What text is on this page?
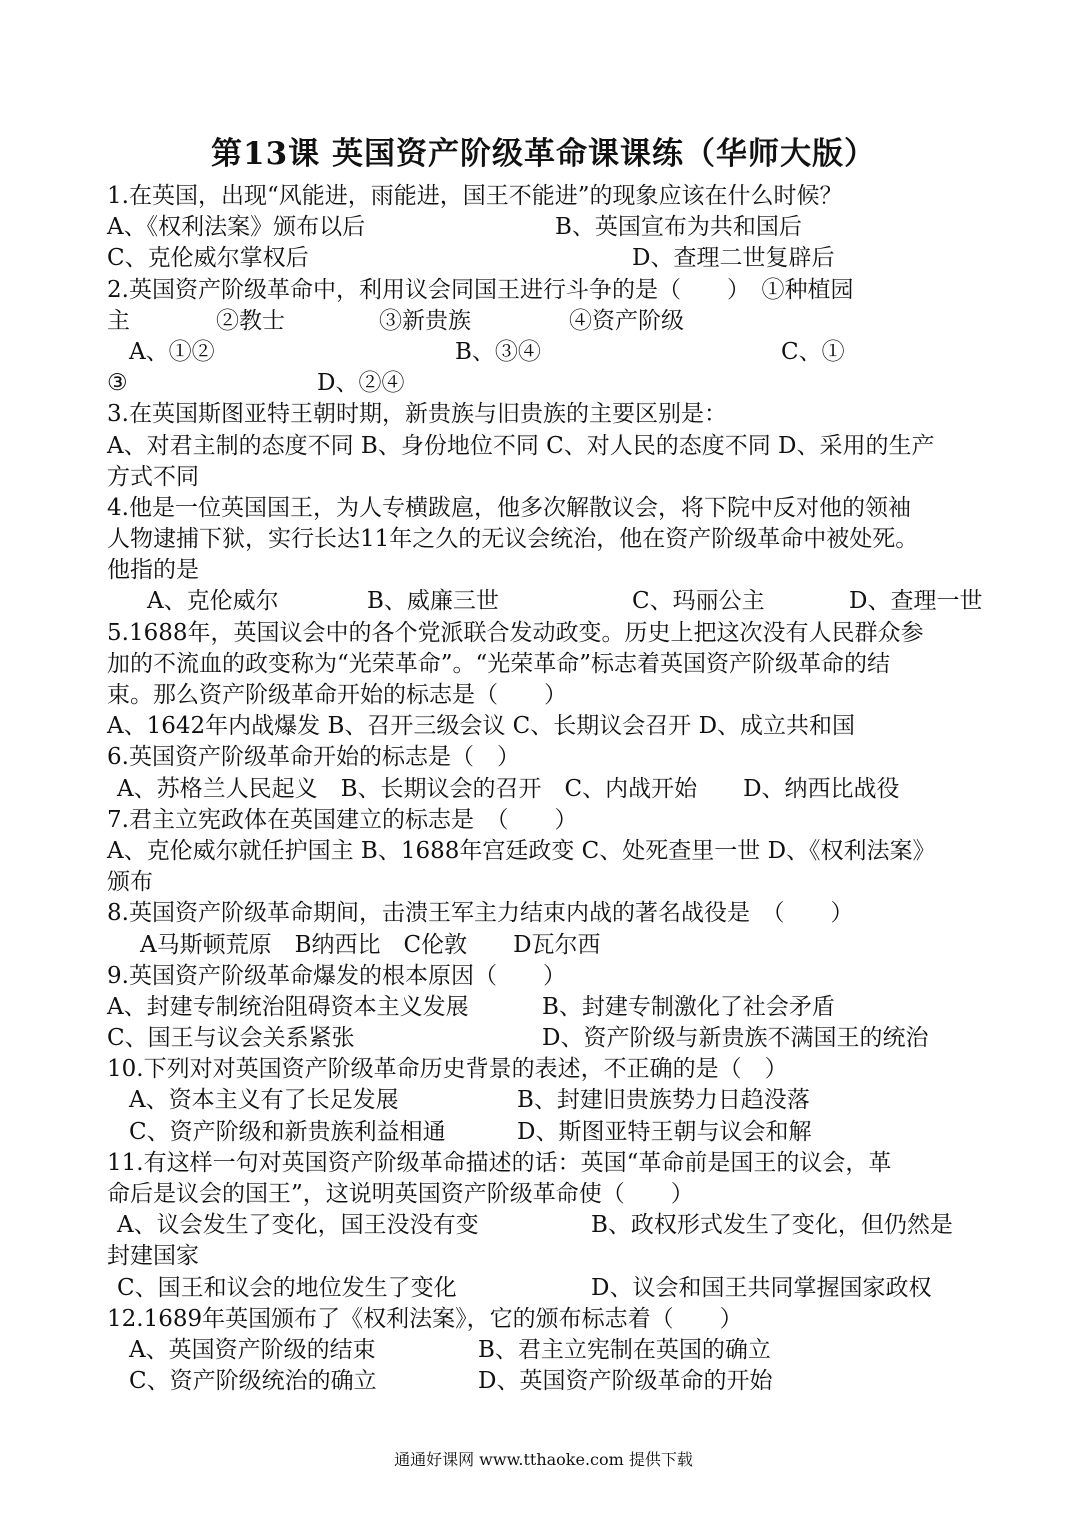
第13课 英国资产阶级革命课课练（华师大版）
1.在英国，出现“风能进，雨能进，国王不能进”的现象应该在什么时候？
A、《权利法案》颁布以后	B、英国宣布为共和国后
C、克伦威尔掌权后	D、查理二世复辟后
2.英国资产阶级革命中，利用议会同国王进行斗争的是（　　）　①种植园
主	②教士	③新贵族	④资产阶级
A、①②	B、③④	C、①
③	D、②④
3.在英国斯图亚特王朝时期，新贵族与旧贵族的主要区别是：
A、对君主制的态度不同 B、身份地位不同 C、对人民的态度不同 D、采用的生产
方式不同
4.他是一位英国国王，为人专横跋扈，他多次解散议会，将下院中反对他的领袖
人物逮捕下狱，实行长达11年之久的无议会统治，他在资产阶级革命中被处死。
他指的是
A、克伦威尔	B、威廉三世	C、玛丽公主	D、查理一世
5.1688年，英国议会中的各个党派联合发动政变。历史上把这次没有人民群众参
加的不流血的政变称为“光荣革命”。“光荣革命”标志着英国资产阶级革命的结
束。那么资产阶级革命开始的标志是（　　）
A、1642年内战爆发 B、召开三级会议 C、长期议会召开 D、成立共和国
6.英国资产阶级革命开始的标志是（　）
A、苏格兰人民起义　B、长期议会的召开　C、内战开始　　D、纳西比战役
7.君主立宪政体在英国建立的标志是　（　　）
A、克伦威尔就任护国主 B、1688年宫廷政变 C、处死查里一世 D、《权利法案》
颁布
8.英国资产阶级革命期间，击溃王军主力结束内战的著名战役是　（　　）
A马斯顿荒原　B纳西比　C伦敦　　D瓦尔西
9.英国资产阶级革命爆发的根本原因（　　）
A、封建专制统治阻碍资本主义发展	B、封建专制激化了社会矛盾
C、国王与议会关系紧张	D、资产阶级与新贵族不满国王的统治
10.下列对对英国资产阶级革命历史背景的表述，不正确的是（　）
A、资本主义有了长足发展	B、封建旧贵族势力日趋没落
C、资产阶级和新贵族利益相通	D、斯图亚特王朝与议会和解
11.有这样一句对英国资产阶级革命描述的话：英国“革命前是国王的议会，革
命后是议会的国王”，这说明英国资产阶级革命使（　　）
A、议会发生了变化，国王没没有变	B、政权形式发生了变化，但仍然是
封建国家
C、国王和议会的地位发生了变化	D、议会和国王共同掌握国家政权
12.1689年英国颁布了《权利法案》，它的颁布标志着（　　）
A、英国资产阶级的结束	B、君主立宪制在英国的确立
C、资产阶级统治的确立	D、英国资产阶级革命的开始
通通好课网 www.tthaoke.com 提供下载
